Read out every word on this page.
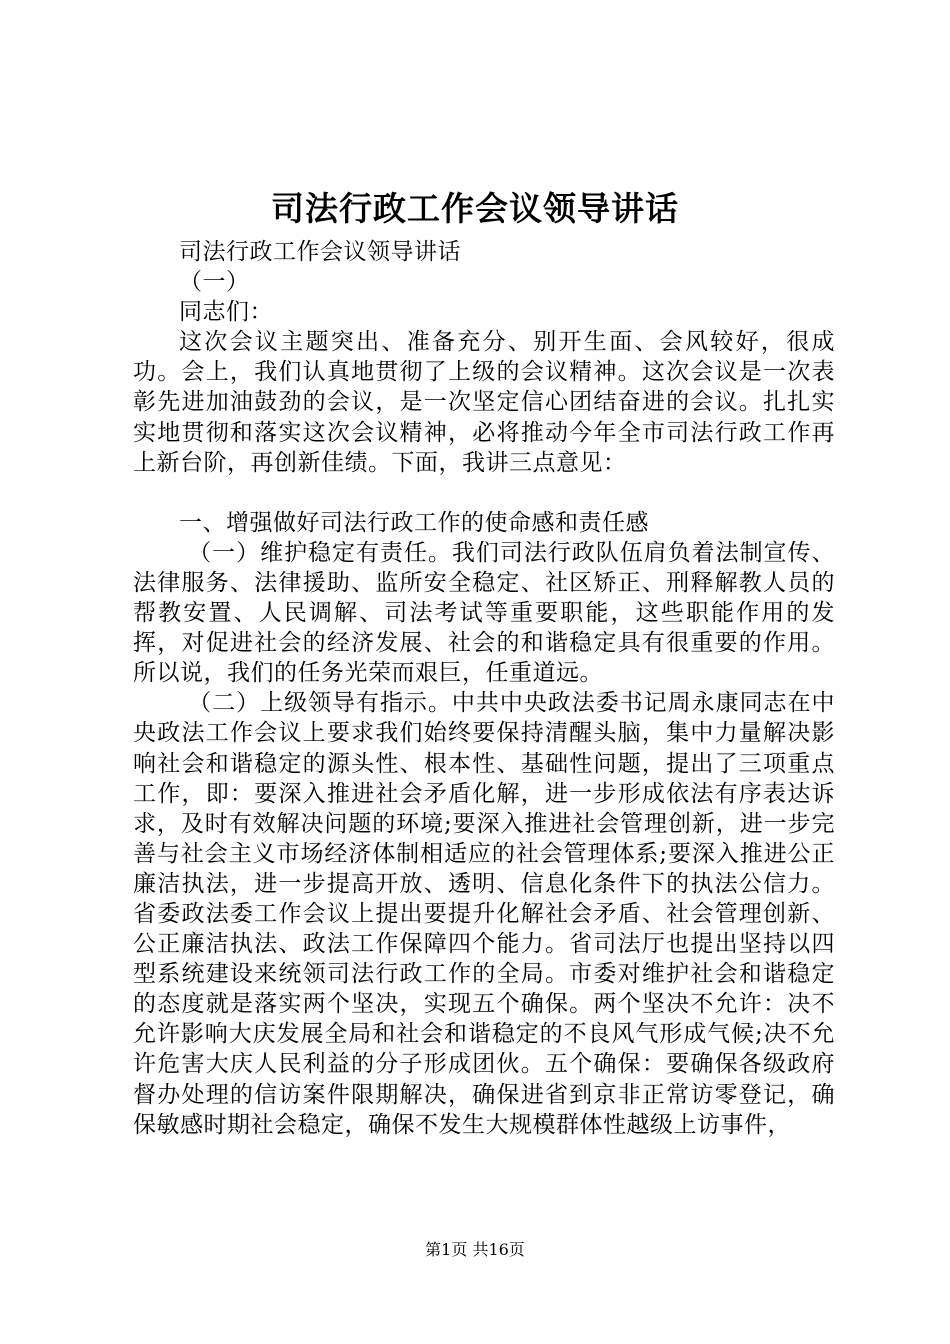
司法行政工作会议领导讲话

司法行政工作会议领导讲话

（一）

同志们：

这次会议主题突出、准备充分、别开生面、会风较好，很成功。会上，我们认真地贯彻了上级的会议精神。这次会议是一次表彰先进加油鼓劲的会议，是一次坚定信心团结奋进的会议。扎扎实实地贯彻和落实这次会议精神，必将推动今年全市司法行政工作再上新台阶，再创新佳绩。下面，我讲三点意见：

一、增强做好司法行政工作的使命感和责任感

（一）维护稳定有责任。我们司法行政队伍肩负着法制宣传、法律服务、法律援助、监所安全稳定、社区矫正、刑释解教人员的帮教安置、人民调解、司法考试等重要职能，这些职能作用的发挥，对促进社会的经济发展、社会的和谐稳定具有很重要的作用。所以说，我们的任务光荣而艰巨，任重道远。

（二）上级领导有指示。中共中央政法委书记周永康同志在中央政法工作会议上要求我们始终要保持清醒头脑，集中力量解决影响社会和谐稳定的源头性、根本性、基础性问题，提出了三项重点工作，即：要深入推进社会矛盾化解，进一步形成依法有序表达诉求，及时有效解决问题的环境;要深入推进社会管理创新，进一步完善与社会主义市场经济体制相适应的社会管理体系;要深入推进公正廉洁执法，进一步提高开放、透明、信息化条件下的执法公信力。省委政法委工作会议上提出要提升化解社会矛盾、社会管理创新、公正廉洁执法、政法工作保障四个能力。省司法厅也提出坚持以四型系统建设来统领司法行政工作的全局。市委对维护社会和谐稳定的态度就是落实两个坚决，实现五个确保。两个坚决不允许：决不允许影响大庆发展全局和社会和谐稳定的不良风气形成气候;决不允许危害大庆人民利益的分子形成团伙。五个确保：要确保各级政府督办处理的信访案件限期解决，确保进省到京非正常访零登记，确保敏感时期社会稳定，确保不发生大规模群体性越级上访事件，

第1页 共16页
